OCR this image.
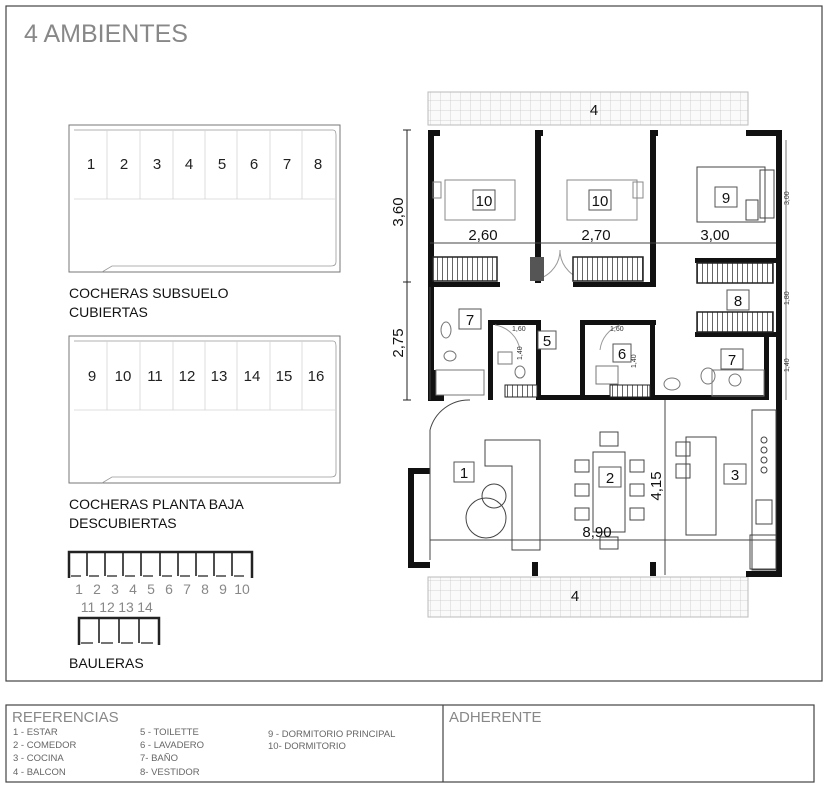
4 AMBIENTES
1 2 3 4 5 6 7 8
COCHERAS SUBSUELO
CUBIERTAS
9 10 11 12 13 14 15 16
COCHERAS PLANTA BAJA
DESCUBIERTAS
1 2 3 4 5 6 7 8 9 10
11 12 13 14
BAULERAS
4
4
3,60
2,75
2,60	2,70	3,00
8,90
4,15
1,60
1,40
1,60
1,40
3,00
1,80
1,40
10	10	9
8
7
5
6	7
1	2	3
REFERENCIAS
1 - ESTAR
2 - COMEDOR
3 - COCINA
4 - BALCON
5 - TOILETTE
6 - LAVADERO
7- BAÑO
8- VESTIDOR
9 - DORMITORIO PRINCIPAL
10- DORMITORIO
ADHERENTE
